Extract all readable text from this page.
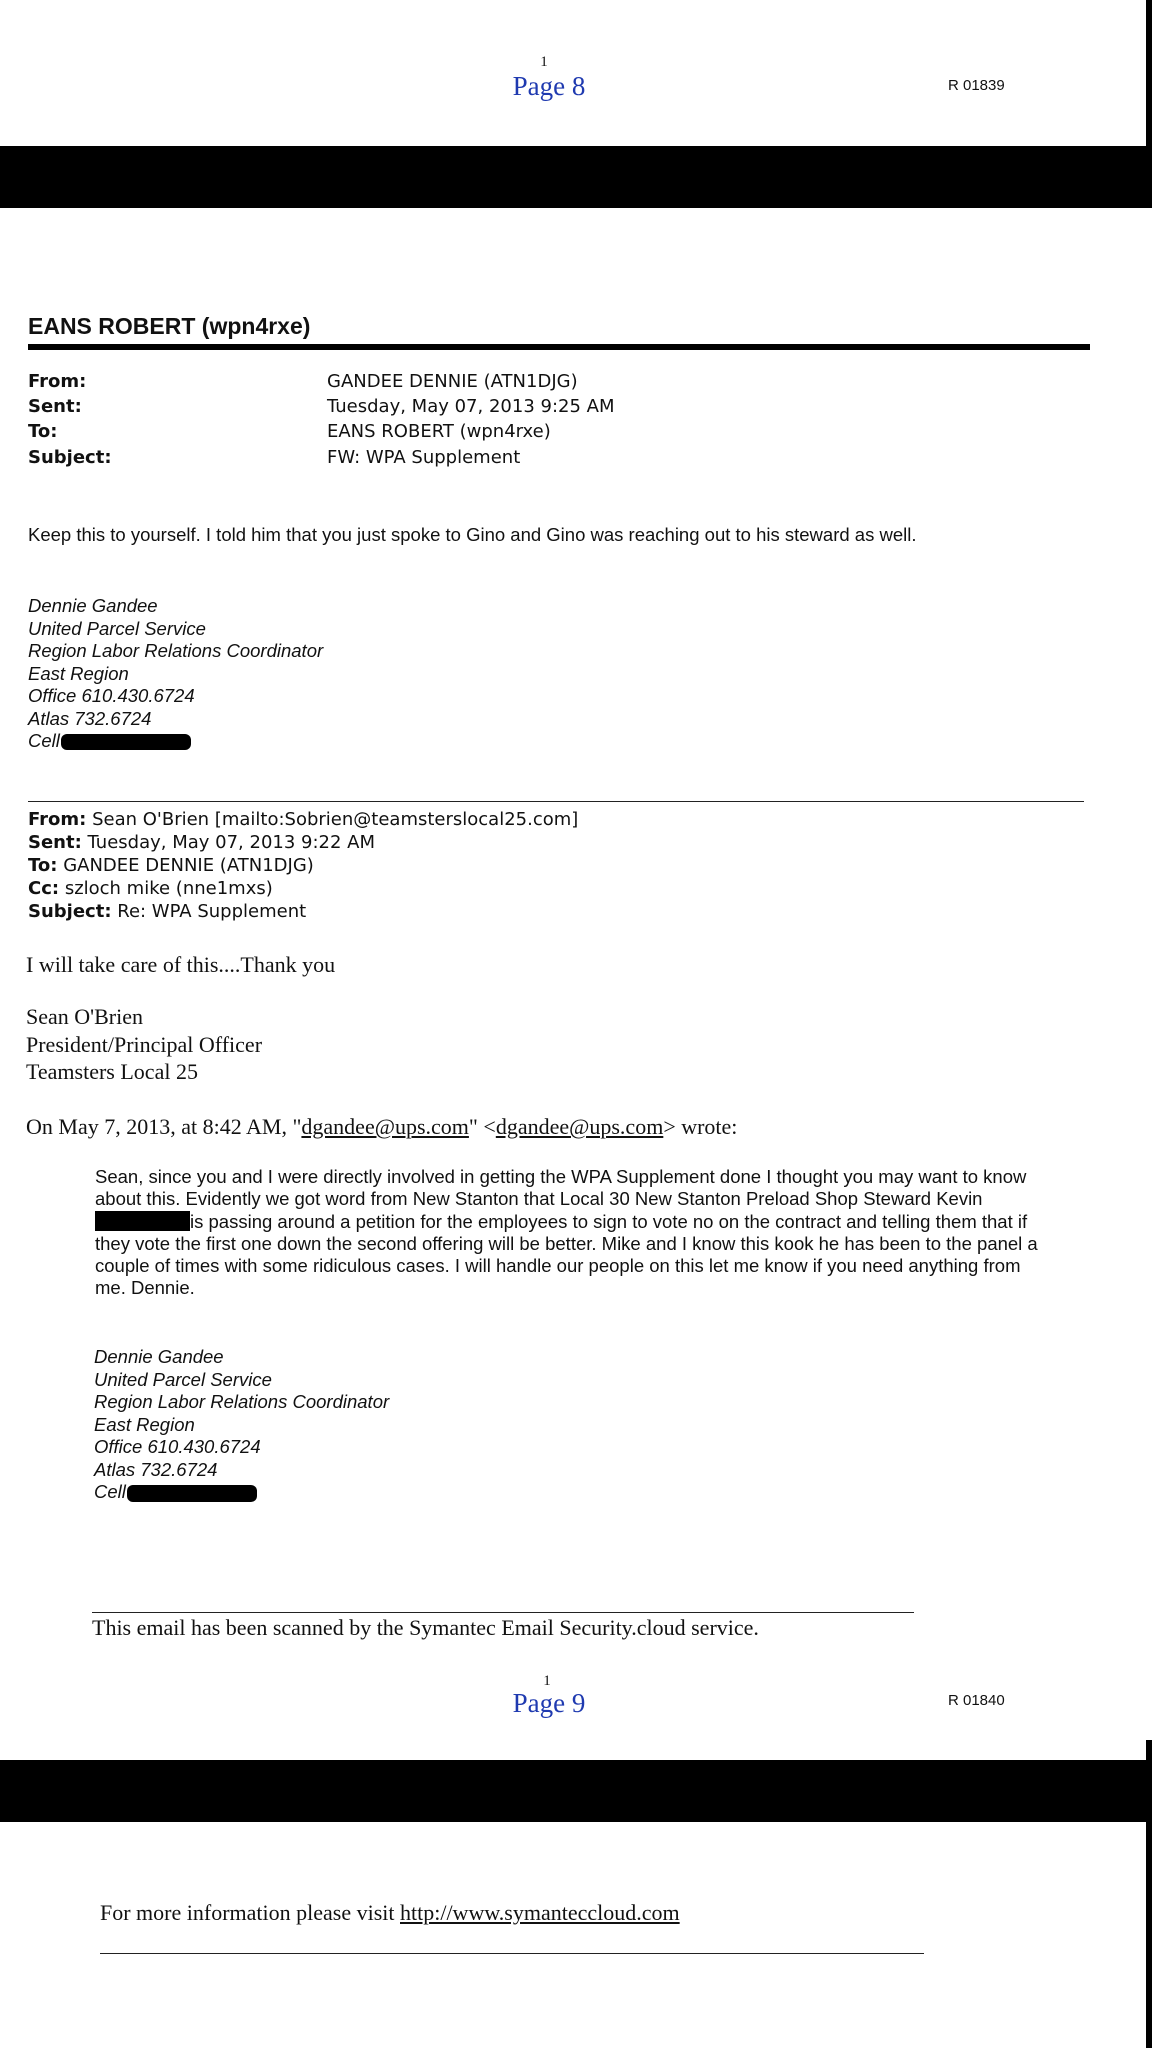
1
Page 8	R 01839
EANS ROBERT (wpn4rxe)
From:	GANDEE DENNIE (ATN1DJG)
Sent:	Tuesday, May 07, 2013 9:25 AM
To:	EANS ROBERT (wpn4rxe)
Subject:	FW: WPA Supplement
Keep this to yourself. I told him that you just spoke to Gino and Gino was reaching out to his steward as well.
Dennie Gandee
United Parcel Service
Region Labor Relations Coordinator
East Region
Office 610.430.6724
Atlas 732.6724
Cell
From: Sean O'Brien [mailto:Sobrien@teamsterslocal25.com]
Sent: Tuesday, May 07, 2013 9:22 AM
To: GANDEE DENNIE (ATN1DJG)
Cc: szloch mike (nne1mxs)
Subject: Re: WPA Supplement
I will take care of this....Thank you
Sean O'Brien
President/Principal Officer
Teamsters Local 25
On May 7, 2013, at 8:42 AM, "dgandee@ups.com" <dgandee@ups.com> wrote:
Sean, since you and I were directly involved in getting the WPA Supplement done I thought you may want to know about this. Evidently we got word from New Stanton that Local 30 New Stanton Preload Shop Steward Kevinis passing around a petition for the employees to sign to vote no on the contract and telling them that if they vote the first one down the second offering will be better. Mike and I know this kook he has been to the panel a couple of times with some ridiculous cases. I will handle our people on this let me know if you need anything from me. Dennie.
Dennie Gandee
United Parcel Service
Region Labor Relations Coordinator
East Region
Office 610.430.6724
Atlas 732.6724
Cell
This email has been scanned by the Symantec Email Security.cloud service.
1
Page 9	R 01840
For more information please visit http://www.symanteccloud.com
